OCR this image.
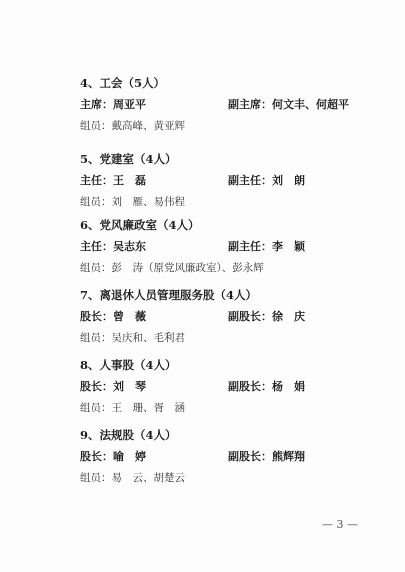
4、工会（5人）
主席：周亚平	副主席：何文丰、何超平
组员：戴高峰、黄亚辉
5、党建室（4人）
主任：王　磊	副主任：刘　朗
组员：刘　雁、易伟程
6、党风廉政室（4人）
主任：吴志东	副主任：李　颖
组员：彭　涛（原党风廉政室）、彭永辉
7、离退休人员管理服务股（4人）
股长：曾　薇	副股长：徐　庆
组员：吴庆和、毛利君
8、人事股（4人）
股长：刘　琴	副股长：杨　娟
组员：王　珊、胥　涵
9、法规股（4人）
股长：喻　婷	副股长：熊辉翔
组员：易　云、胡楚云
— 3 —
